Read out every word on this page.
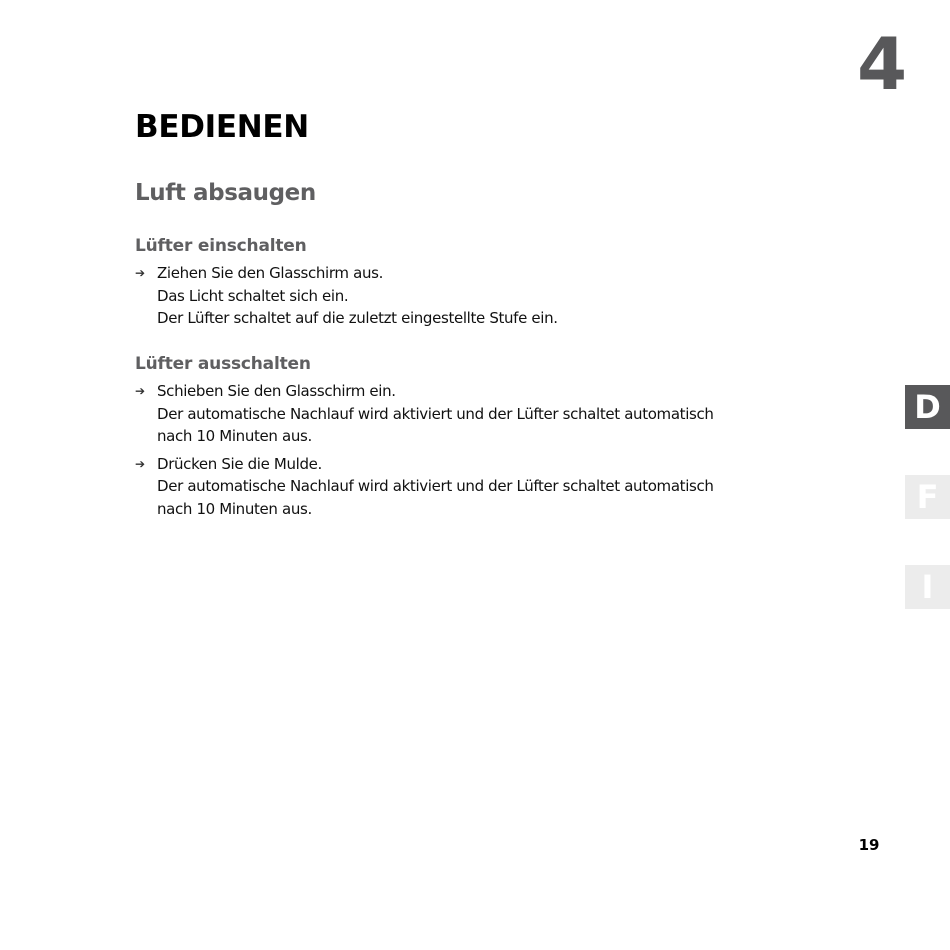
4
BEDIENEN
Luft absaugen
Lüfter einschalten
➔ Ziehen Sie den Glasschirm aus.
Das Licht schaltet sich ein.
Der Lüfter schaltet auf die zuletzt eingestellte Stufe ein.
Lüfter ausschalten
➔ Schieben Sie den Glasschirm ein.
Der automatische Nachlauf wird aktiviert und der Lüfter schaltet automatisch
nach 10 Minuten aus.
➔ Drücken Sie die Mulde.
Der automatische Nachlauf wird aktiviert und der Lüfter schaltet automatisch
nach 10 Minuten aus.
D
F
I
19
